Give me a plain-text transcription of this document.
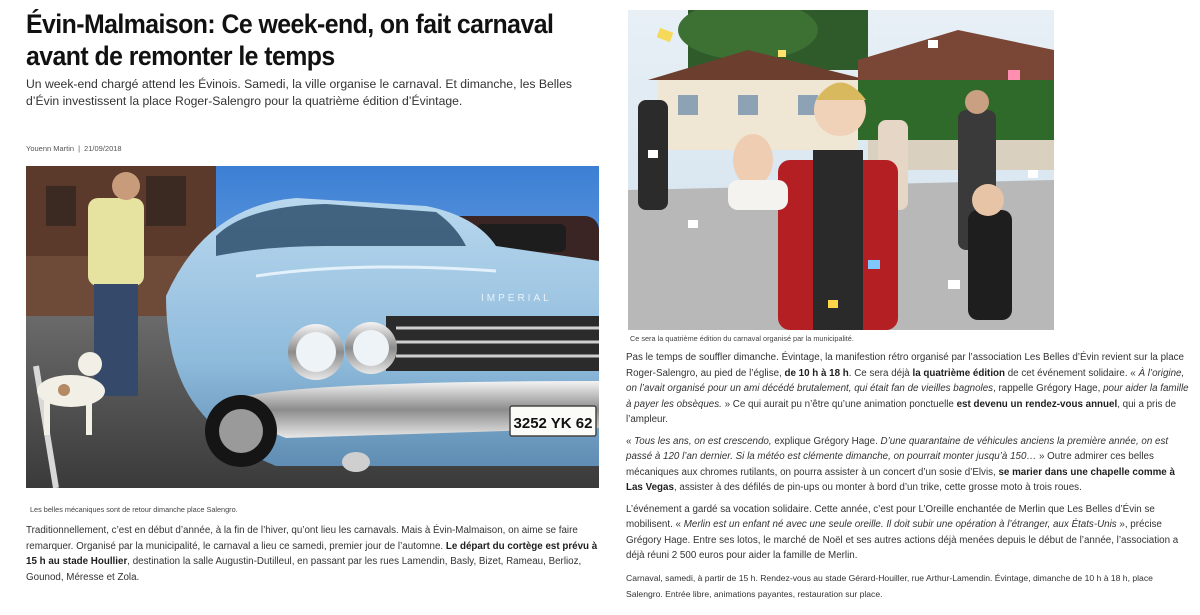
Évin-Malmaison: Ce week-end, on fait carnaval avant de remonter le temps

Un week-end chargé attend les Évinois. Samedi, la ville organise le carnaval. Et dimanche, les Belles d’Évin investissent la place Roger-Salengro pour la quatrième édition d’Évintage.

Youenn Martin | 21/09/2018
IMPERIAL
3252 YK 62
Les belles mécaniques sont de retour dimanche place Salengro.

Traditionnellement, c’est en début d’année, à la fin de l’hiver, qu’ont lieu les carnavals. Mais à Évin-Malmaison, on aime se faire remarquer. Organisé par la municipalité, le carnaval a lieu ce samedi, premier jour de l’automne. Le départ du cortège est prévu à 15 h au stade Houllier, destination la salle Augustin-Dutilleul, en passant par les rues Lamendin, Basly, Bizet, Rameau, Berlioz, Gounod, Méresse et Zola.

Ce sera la quatrième édition du carnaval organisé par la municipalité.

Pas le temps de souffler dimanche. Évintage, la manifestion rétro organisé par l’association Les Belles d’Évin revient sur la place Roger-Salengro, au pied de l’église, de 10 h à 18 h. Ce sera déjà la quatrième édition de cet événement solidaire. « À l’origine, on l’avait organisé pour un ami décédé brutalement, qui était fan de vieilles bagnoles, rappelle Grégory Hage, pour aider la famille à payer les obsèques. » Ce qui aurait pu n’être qu’une animation ponctuelle est devenu un rendez-vous annuel, qui a pris de l’ampleur.

« Tous les ans, on est crescendo, explique Grégory Hage. D’une quarantaine de véhicules anciens la première année, on est passé à 120 l’an dernier. Si la météo est clémente dimanche, on pourrait monter jusqu’à 150… » Outre admirer ces belles mécaniques aux chromes rutilants, on pourra assister à un concert d’un sosie d’Elvis, se marier dans une chapelle comme à Las Vegas, assister à des défilés de pin-ups ou monter à bord d’un trike, cette grosse moto à trois roues.

L’événement a gardé sa vocation solidaire. Cette année, c’est pour L’Oreille enchantée de Merlin que Les Belles d’Évin se mobilisent. « Merlin est un enfant né avec une seule oreille. Il doit subir une opération à l’étranger, aux États-Unis », précise Grégory Hage. Entre ses lotos, le marché de Noël et ses autres actions déjà menées depuis le début de l’année, l’association a déjà réuni 2 500 euros pour aider la famille de Merlin.

Carnaval, samedi, à partir de 15 h. Rendez-vous au stade Gérard-Houiller, rue Arthur-Lamendin. Évintage, dimanche de 10 h à 18 h, place Salengro. Entrée libre, animations payantes, restauration sur place.
